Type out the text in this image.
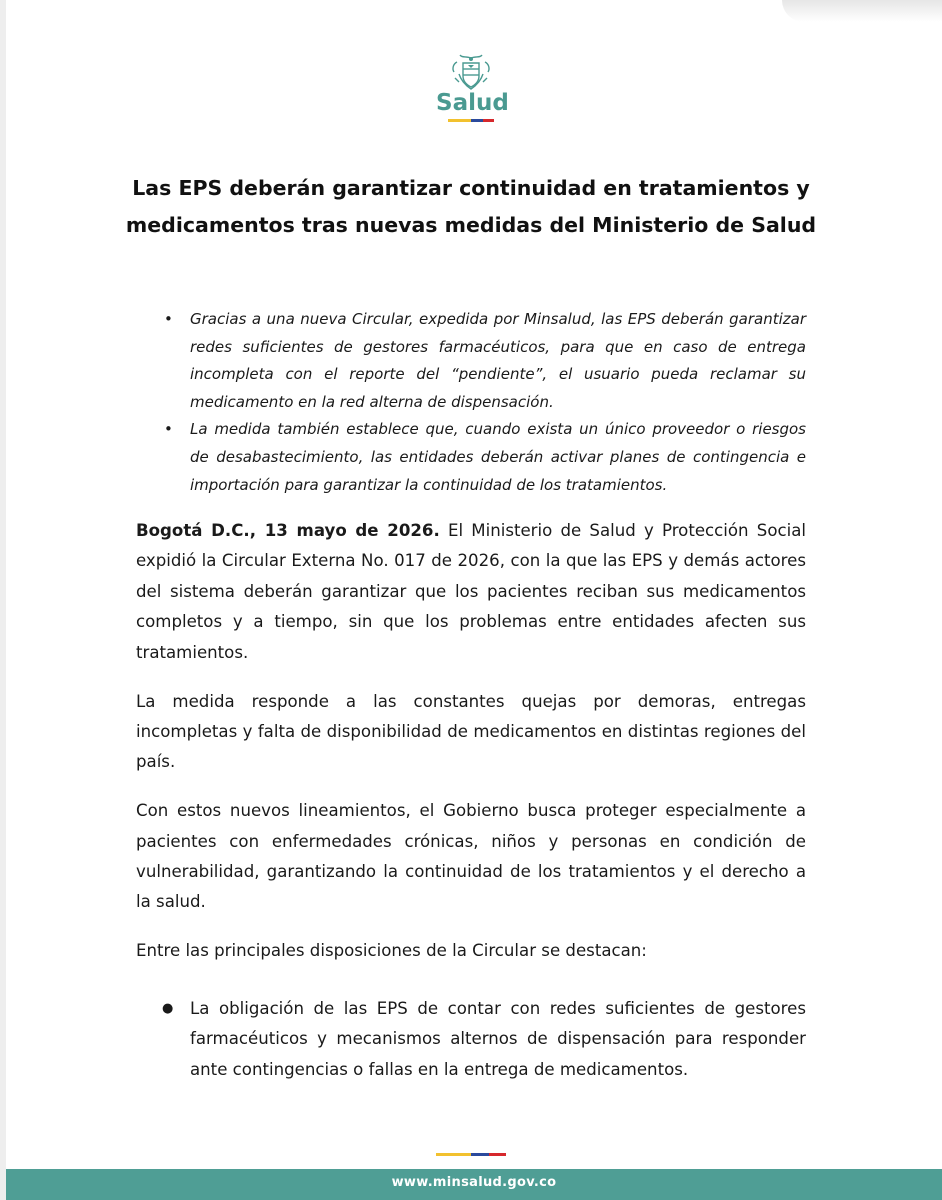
Salud
Las EPS deberán garantizar continuidad en tratamientos y medicamentos tras nuevas medidas del Ministerio de Salud
• Gracias a una nueva Circular, expedida por Minsalud, las EPS deberán garantizar redes suficientes de gestores farmacéuticos, para que en caso de entrega incompleta con el reporte del “pendiente”, el usuario pueda reclamar su medicamento en la red alterna de dispensación.
• La medida también establece que, cuando exista un único proveedor o riesgos de desabastecimiento, las entidades deberán activar planes de contingencia e importación para garantizar la continuidad de los tratamientos.

Bogotá D.C., 13 mayo de 2026. El Ministerio de Salud y Protección Social expidió la Circular Externa No. 017 de 2026, con la que las EPS y demás actores del sistema deberán garantizar que los pacientes reciban sus medicamentos completos y a tiempo, sin que los problemas entre entidades afecten sus tratamientos.

La medida responde a las constantes quejas por demoras, entregas incompletas y falta de disponibilidad de medicamentos en distintas regiones del país.

Con estos nuevos lineamientos, el Gobierno busca proteger especialmente a pacientes con enfermedades crónicas, niños y personas en condición de vulnerabilidad, garantizando la continuidad de los tratamientos y el derecho a la salud.

Entre las principales disposiciones de la Circular se destacan:

● La obligación de las EPS de contar con redes suficientes de gestores farmacéuticos y mecanismos alternos de dispensación para responder ante contingencias o fallas en la entrega de medicamentos.
www.minsalud.gov.co
